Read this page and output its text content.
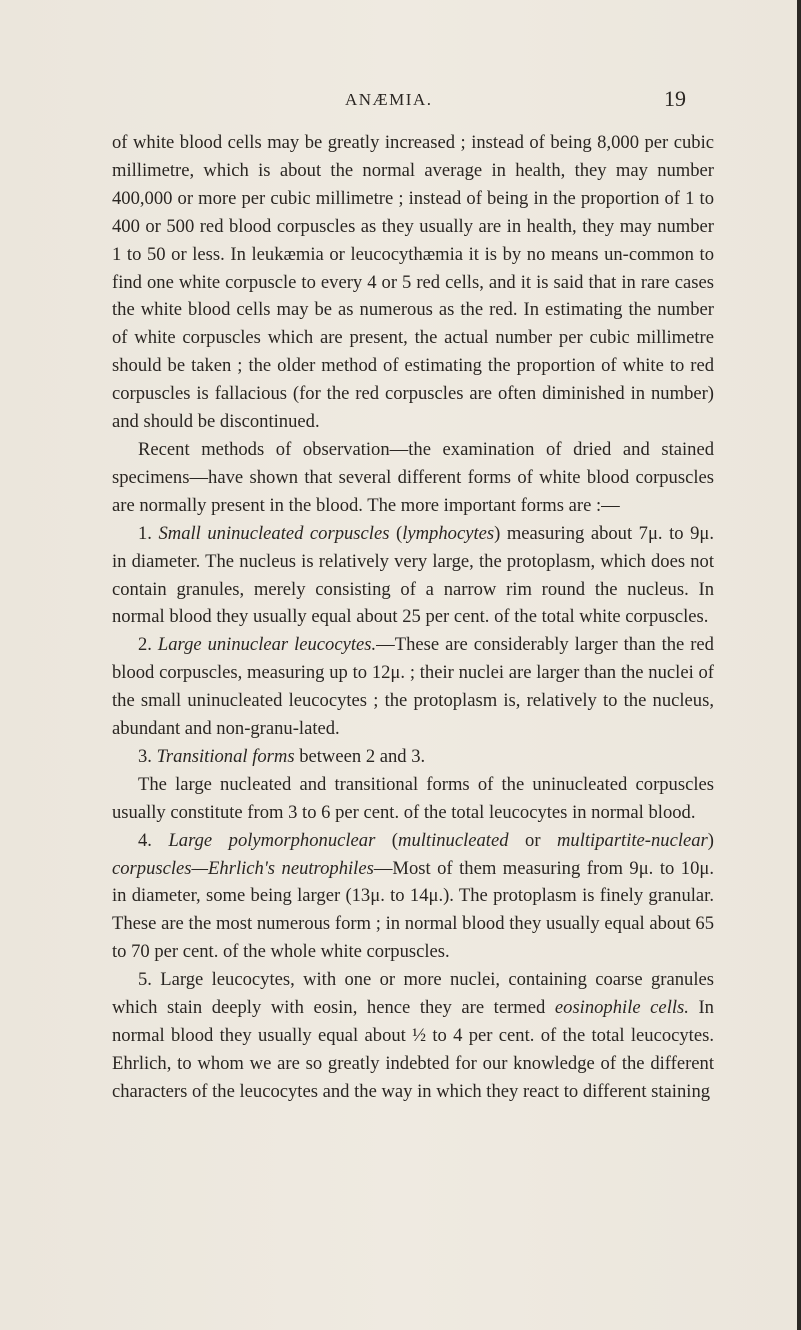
ANÆMIA.	19

of white blood cells may be greatly increased ; instead of being 8,000 per cubic millimetre, which is about the normal average in health, they may number 400,000 or more per cubic millimetre ; instead of being in the proportion of 1 to 400 or 500 red blood corpuscles as they usually are in health, they may number 1 to 50 or less. In leukæmia or leucocythæmia it is by no means un-common to find one white corpuscle to every 4 or 5 red cells, and it is said that in rare cases the white blood cells may be as numerous as the red. In estimating the number of white corpuscles which are present, the actual number per cubic millimetre should be taken ; the older method of estimating the proportion of white to red corpuscles is fallacious (for the red corpuscles are often diminished in number) and should be discontinued.

Recent methods of observation—the examination of dried and stained specimens—have shown that several different forms of white blood corpuscles are normally present in the blood. The more important forms are :—

1. Small uninucleated corpuscles (lymphocytes) measuring about 7μ. to 9μ. in diameter. The nucleus is relatively very large, the protoplasm, which does not contain granules, merely consisting of a narrow rim round the nucleus. In normal blood they usually equal about 25 per cent. of the total white corpuscles.

2. Large uninuclear leucocytes.—These are considerably larger than the red blood corpuscles, measuring up to 12μ. ; their nuclei are larger than the nuclei of the small uninucleated leucocytes ; the protoplasm is, relatively to the nucleus, abundant and non-granu-lated.

3. Transitional forms between 2 and 3.

The large nucleated and transitional forms of the uninucleated corpuscles usually constitute from 3 to 6 per cent. of the total leucocytes in normal blood.

4. Large polymorphonuclear (multinucleated or multipartite-nuclear) corpuscles—Ehrlich's neutrophiles—Most of them measuring from 9μ. to 10μ. in diameter, some being larger (13μ. to 14μ.). The protoplasm is finely granular. These are the most numerous form ; in normal blood they usually equal about 65 to 70 per cent. of the whole white corpuscles.

5. Large leucocytes, with one or more nuclei, containing coarse granules which stain deeply with eosin, hence they are termed eosinophile cells. In normal blood they usually equal about ½ to 4 per cent. of the total leucocytes. Ehrlich, to whom we are so greatly indebted for our knowledge of the different characters of the leucocytes and the way in which they react to different staining
